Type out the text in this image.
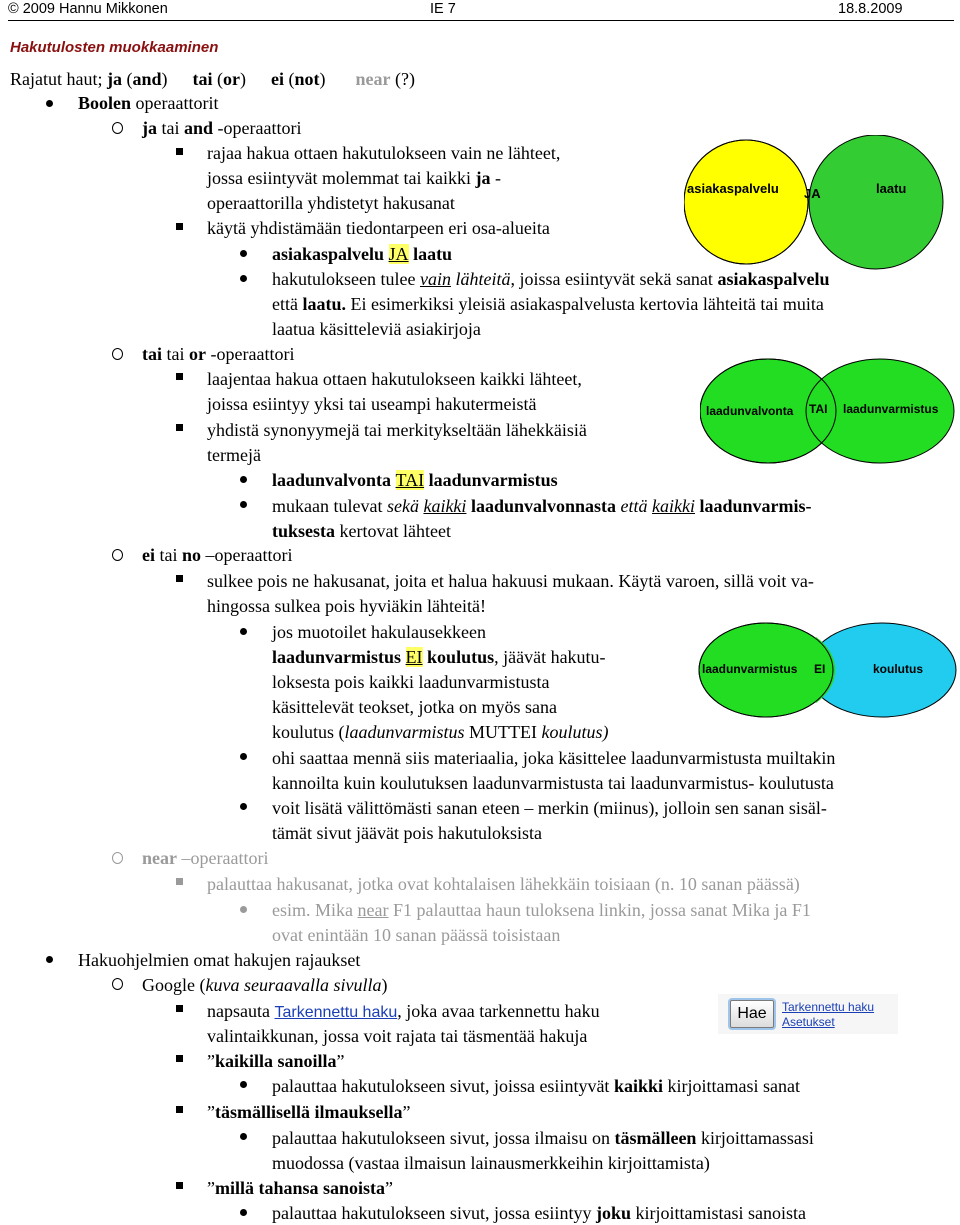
© 2009 Hannu Mikkonen	IE 7	18.8.2009
Hakutulosten muokkaaminen
Rajatut haut; ja (and) tai (or) ei (not) near (?)
Boolen operaattorit
ja tai and -operaattori
rajaa hakua ottaen hakutulokseen vain ne lähteet,
jossa esiintyvät molemmat tai kaikki ja -
operaattorilla yhdistetyt hakusanat
käytä yhdistämään tiedontarpeen eri osa-alueita
asiakaspalvelu JA laatu
hakutulokseen tulee vain lähteitä, joissa esiintyvät sekä sanat asiakaspalvelu
että laatu. Ei esimerkiksi yleisiä asiakaspalvelusta kertovia lähteitä tai muita
laatua käsitteleviä asiakirjoja
tai tai or -operaattori
laajentaa hakua ottaen hakutulokseen kaikki lähteet,
joissa esiintyy yksi tai useampi hakutermeistä
yhdistä synonyymejä tai merkitykseltään lähekkäisiä
termejä
laadunvalvonta TAI laadunvarmistus
mukaan tulevat sekä kaikki laadunvalvonnasta että kaikki laadunvarmis-
tuksesta kertovat lähteet
ei tai no –operaattori
sulkee pois ne hakusanat, joita et halua hakuusi mukaan. Käytä varoen, sillä voit va-
hingossa sulkea pois hyviäkin lähteitä!
jos muotoilet hakulausekkeen
laadunvarmistus EI koulutus, jäävät hakutu-
loksesta pois kaikki laadunvarmistusta
käsittelevät teokset, jotka on myös sana
koulutus (laadunvarmistus MUTTEI koulutus)
ohi saattaa mennä siis materiaalia, joka käsittelee laadunvarmistusta muiltakin
kannoilta kuin koulutuksen laadunvarmistusta tai laadunvarmistus- koulutusta
voit lisätä välittömästi sanan eteen – merkin (miinus), jolloin sen sanan sisäl-
tämät sivut jäävät pois hakutuloksista
near –operaattori
palauttaa hakusanat, jotka ovat kohtalaisen lähekkäin toisiaan (n. 10 sanan päässä)
esim. Mika near F1 palauttaa haun tuloksena linkin, jossa sanat Mika ja F1
ovat enintään 10 sanan päässä toisistaan
Hakuohjelmien omat hakujen rajaukset
Google (kuva seuraavalla sivulla)
napsauta Tarkennettu haku, joka avaa tarkennettu haku
valintaikkunan, jossa voit rajata tai täsmentää hakuja
”kaikilla sanoilla”
palauttaa hakutulokseen sivut, joissa esiintyvät kaikki kirjoittamasi sanat
”täsmällisellä ilmauksella”
palauttaa hakutulokseen sivut, jossa ilmaisu on täsmälleen kirjoittamassasi
muodossa (vastaa ilmaisun lainausmerkkeihin kirjoittamista)
”millä tahansa sanoista”
palauttaa hakutulokseen sivut, jossa esiintyy joku kirjoittamistasi sanoista
asiakaspalvelu JA	laatu
laadunvalvonta TAI laadunvarmistus
laadunvarmistus EI	koulutus
Hae	Tarkennettu haku
Asetukset
